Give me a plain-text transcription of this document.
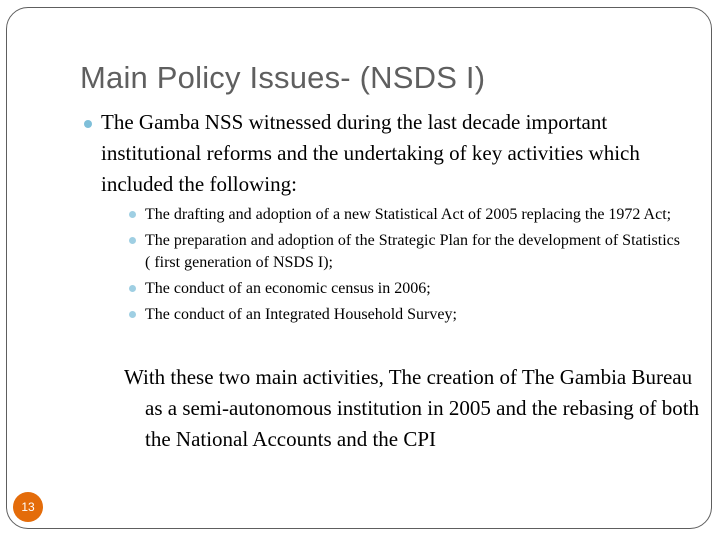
Main Policy Issues- (NSDS I)
The Gamba NSS witnessed during the last decade important institutional reforms and the undertaking of key activities which included the following:
The drafting and adoption of a new Statistical Act of 2005 replacing the 1972 Act;
The preparation and adoption of the Strategic Plan for the development of Statistics ( first generation of NSDS I);
The conduct of an economic census in 2006;
The conduct of an Integrated Household Survey;
With these two main activities, The creation of The Gambia Bureau as a semi-autonomous institution in 2005 and the rebasing of both the National Accounts and the CPI
13
